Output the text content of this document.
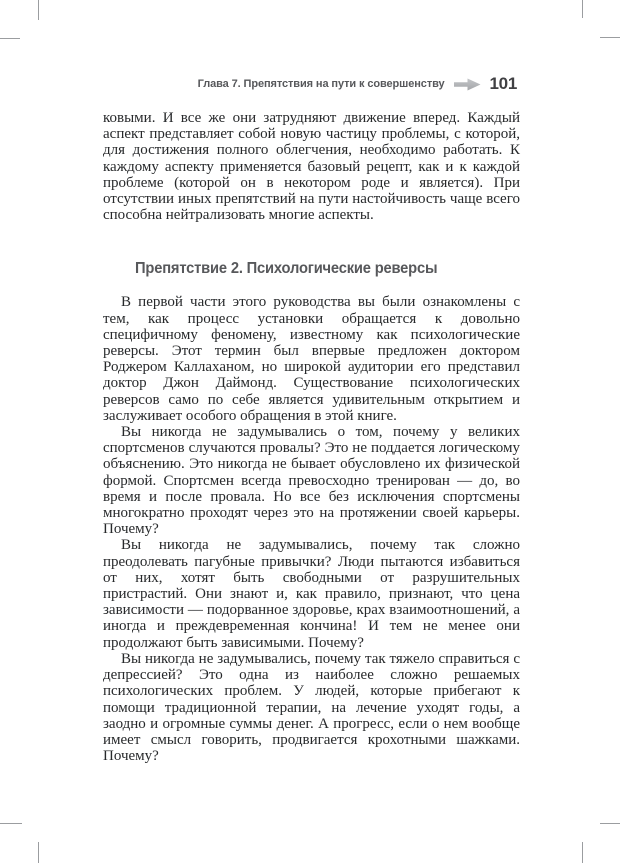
Глава 7. Препятствия на пути к совершенству	101

ковыми. И все же они затрудняют движение вперед. Каждый аспект представляет собой новую частицу проблемы, с которой, для достижения полного облегчения, необходимо работать. К каждому аспекту применяется базовый рецепт, как и к каждой проблеме (которой он в некотором роде и является). При отсутствии иных препятствий на пути настойчивость чаще всего способна нейтрализовать многие аспекты.

Препятствие 2. Психологические реверсы

В первой части этого руководства вы были ознакомлены с тем, как процесс установки обращается к довольно специфичному феномену, известному как психологические реверсы. Этот термин был впервые предложен доктором Роджером Каллаханом, но широкой аудитории его представил доктор Джон Даймонд. Существование психологических реверсов само по себе является удивительным открытием и заслуживает особого обращения в этой книге.

Вы никогда не задумывались о том, почему у великих спортсменов случаются провалы? Это не поддается логическому объяснению. Это никогда не бывает обусловлено их физической формой. Спортсмен всегда превосходно тренирован — до, во время и после провала. Но все без исключения спортсмены многократно проходят через это на протяжении своей карьеры. Почему?

Вы никогда не задумывались, почему так сложно преодолевать пагубные привычки? Люди пытаются избавиться от них, хотят быть свободными от разрушительных пристрастий. Они знают и, как правило, признают, что цена зависимости — подорванное здоровье, крах взаимоотношений, а иногда и преждевременная кончина! И тем не менее они продолжают быть зависимыми. Почему?

Вы никогда не задумывались, почему так тяжело справиться с депрессией? Это одна из наиболее сложно решаемых психологических проблем. У людей, которые прибегают к помощи традиционной терапии, на лечение уходят годы, а заодно и огромные суммы денег. А прогресс, если о нем вообще имеет смысл говорить, продвигается крохотными шажками. Почему?
